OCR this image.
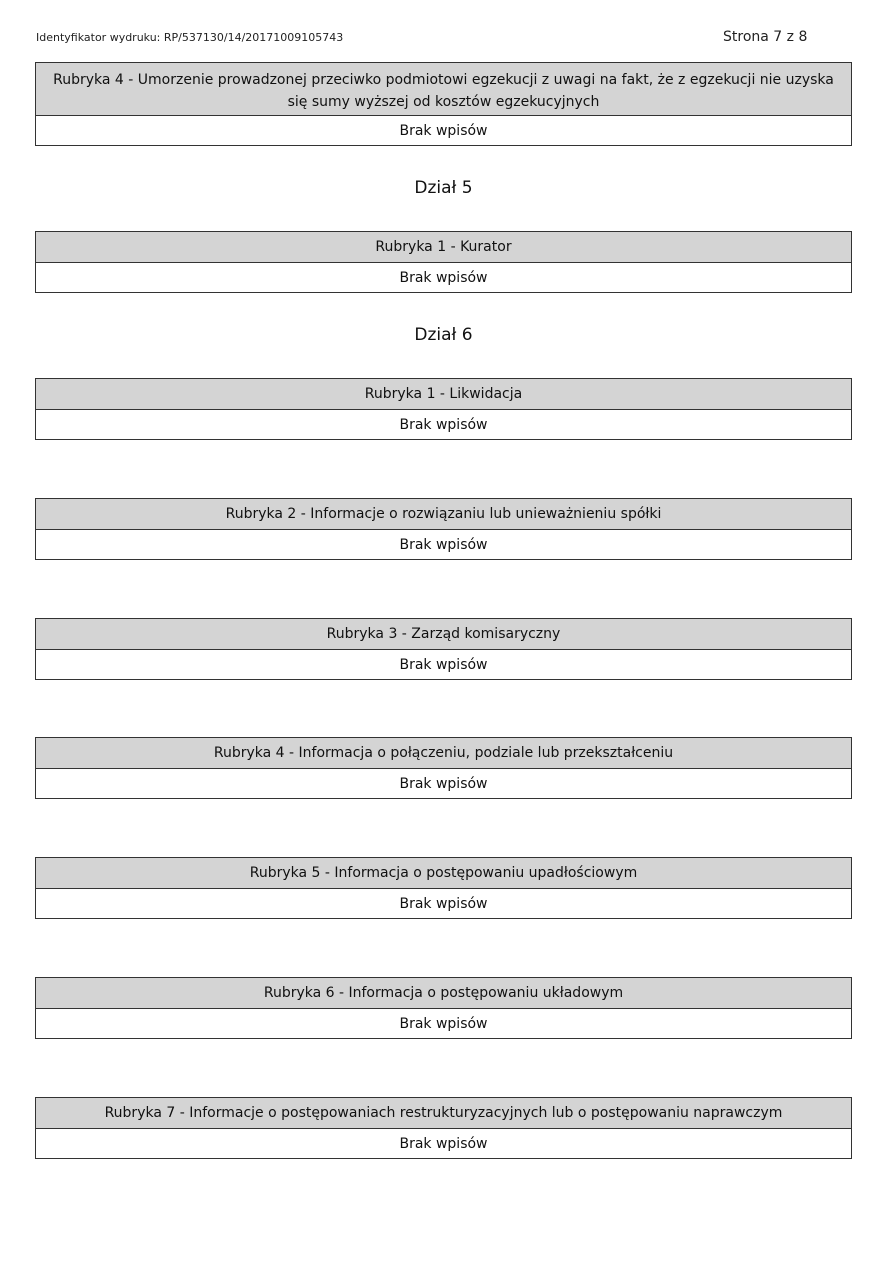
Identyfikator wydruku: RP/537130/14/20171009105743	Strona 7 z 8
Rubryka 4 - Umorzenie prowadzonej przeciwko podmiotowi egzekucji z uwagi na fakt, że z egzekucji nie uzyska się sumy wyższej od kosztów egzekucyjnych
Brak wpisów
Dział 5
Rubryka 1 - Kurator
Brak wpisów
Dział 6
Rubryka 1 - Likwidacja
Brak wpisów
Rubryka 2 - Informacje o rozwiązaniu lub unieważnieniu spółki
Brak wpisów
Rubryka 3 - Zarząd komisaryczny
Brak wpisów
Rubryka 4 - Informacja o połączeniu, podziale lub przekształceniu
Brak wpisów
Rubryka 5 - Informacja o postępowaniu upadłościowym
Brak wpisów
Rubryka 6 - Informacja o postępowaniu układowym
Brak wpisów
Rubryka 7 - Informacje o postępowaniach restrukturyzacyjnych lub o postępowaniu naprawczym
Brak wpisów
